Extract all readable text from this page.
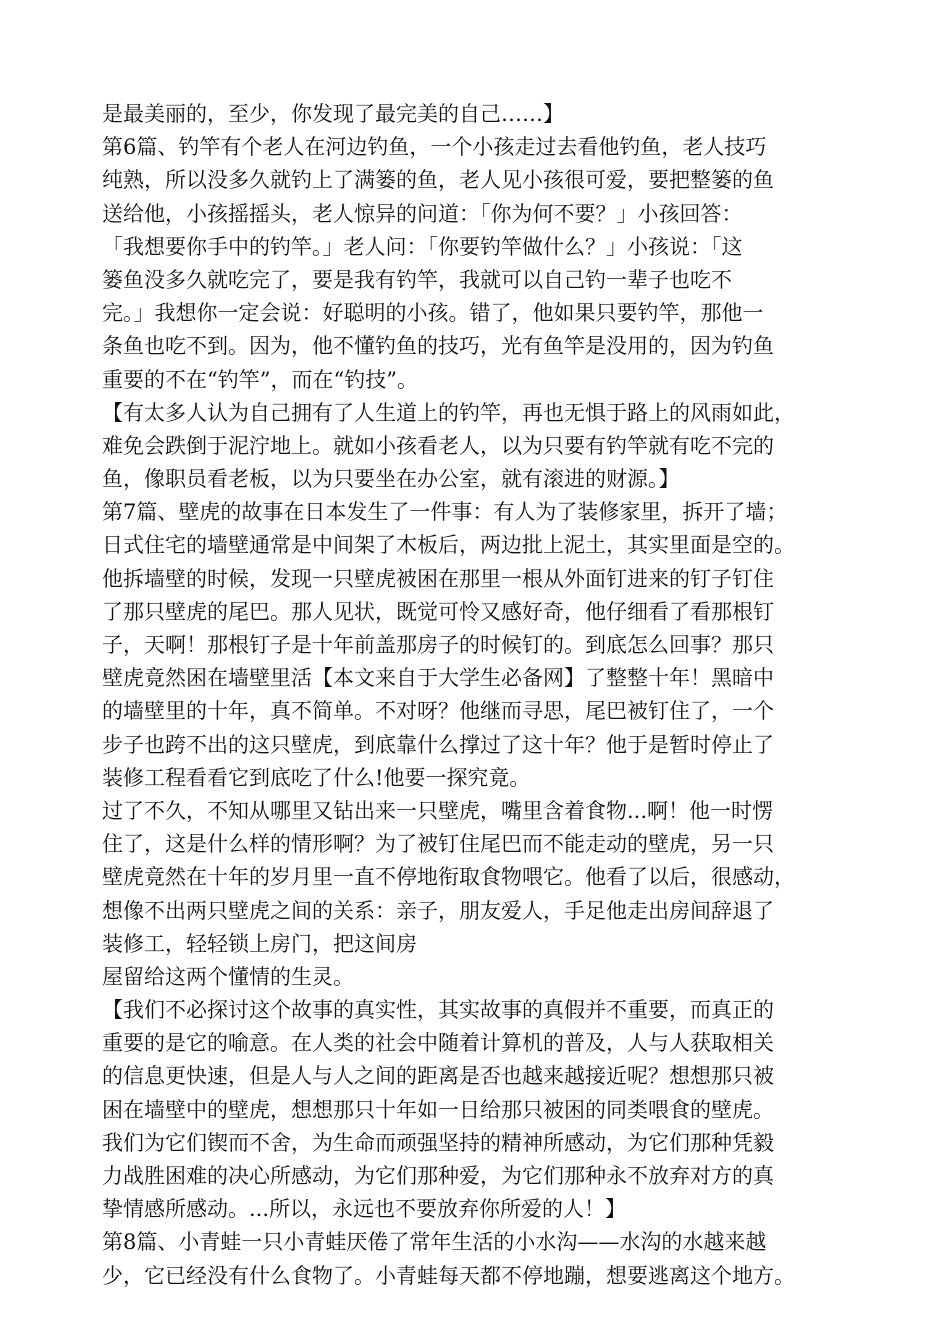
是最美丽的，至少，你发现了最完美的自己……】
第6篇、钓竿有个老人在河边钓鱼，一个小孩走过去看他钓鱼，老人技巧
纯熟，所以没多久就钓上了满篓的鱼，老人见小孩很可爱，要把整篓的鱼
送给他，小孩摇摇头，老人惊异的问道：「你为何不要？」小孩回答：
「我想要你手中的钓竿。」老人问：「你要钓竿做什么？」小孩说：「这
篓鱼没多久就吃完了，要是我有钓竿，我就可以自己钓一辈子也吃不
完。」我想你一定会说：好聪明的小孩。错了，他如果只要钓竿，那他一
条鱼也吃不到。因为，他不懂钓鱼的技巧，光有鱼竿是没用的，因为钓鱼
重要的不在“钓竿”，而在“钓技”。
【有太多人认为自己拥有了人生道上的钓竿，再也无惧于路上的风雨如此，
难免会跌倒于泥泞地上。就如小孩看老人，以为只要有钓竿就有吃不完的
鱼，像职员看老板，以为只要坐在办公室，就有滚进的财源。】
第7篇、壁虎的故事在日本发生了一件事：有人为了装修家里，拆开了墙；
日式住宅的墙壁通常是中间架了木板后，两边批上泥土，其实里面是空的。
他拆墙壁的时候，发现一只壁虎被困在那里一根从外面钉进来的钉子钉住
了那只壁虎的尾巴。那人见状，既觉可怜又感好奇，他仔细看了看那根钉
子，天啊！那根钉子是十年前盖那房子的时候钉的。到底怎么回事？那只
壁虎竟然困在墙壁里活【本文来自于大学生必备网】了整整十年！黑暗中
的墙壁里的十年，真不简单。不对呀？他继而寻思，尾巴被钉住了，一个
步子也跨不出的这只壁虎，到底靠什么撑过了这十年？他于是暂时停止了
装修工程看看它到底吃了什么!他要一探究竟。
过了不久，不知从哪里又钻出来一只壁虎，嘴里含着食物...啊！他一时愣
住了，这是什么样的情形啊？为了被钉住尾巴而不能走动的壁虎，另一只
壁虎竟然在十年的岁月里一直不停地衔取食物喂它。他看了以后，很感动，
想像不出两只壁虎之间的关系：亲子，朋友爱人，手足他走出房间辞退了
装修工，轻轻锁上房门，把这间房
屋留给这两个懂情的生灵。
【我们不必探讨这个故事的真实性，其实故事的真假并不重要，而真正的
重要的是它的喻意。在人类的社会中随着计算机的普及，人与人获取相关
的信息更快速，但是人与人之间的距离是否也越来越接近呢？想想那只被
困在墙壁中的壁虎，想想那只十年如一日给那只被困的同类喂食的壁虎。
我们为它们锲而不舍，为生命而顽强坚持的精神所感动，为它们那种凭毅
力战胜困难的决心所感动，为它们那种爱，为它们那种永不放弃对方的真
挚情感所感动。...所以，永远也不要放弃你所爱的人！】
第8篇、小青蛙一只小青蛙厌倦了常年生活的小水沟——水沟的水越来越
少，它已经没有什么食物了。小青蛙每天都不停地蹦，想要逃离这个地方。
